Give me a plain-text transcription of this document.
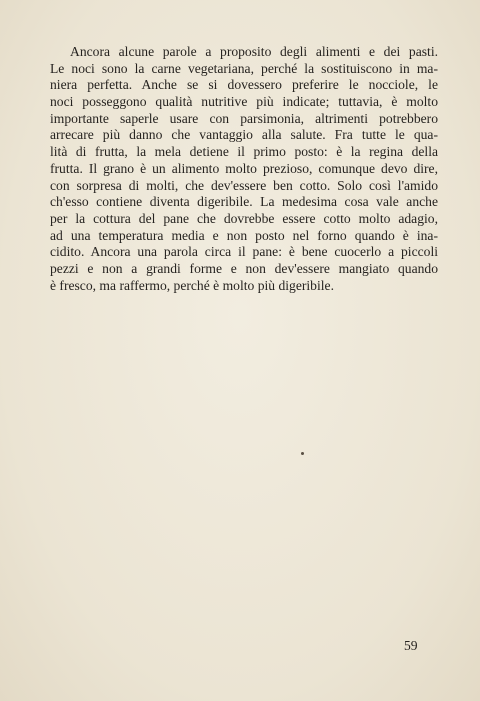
Ancora alcune parole a proposito degli alimenti e dei pasti.
Le noci sono la carne vegetariana, perché la sostituiscono in ma-
niera perfetta. Anche se si dovessero preferire le nocciole, le
noci posseggono qualità nutritive più indicate; tuttavia, è molto
importante saperle usare con parsimonia, altrimenti potrebbero
arrecare più danno che vantaggio alla salute. Fra tutte le qua-
lità di frutta, la mela detiene il primo posto: è la regina della
frutta. Il grano è un alimento molto prezioso, comunque devo dire,
con sorpresa di molti, che dev'essere ben cotto. Solo così l'amido
ch'esso contiene diventa digeribile. La medesima cosa vale anche
per la cottura del pane che dovrebbe essere cotto molto adagio,
ad una temperatura media e non posto nel forno quando è ina-
cidito. Ancora una parola circa il pane: è bene cuocerlo a piccoli
pezzi e non a grandi forme e non dev'essere mangiato quando
è fresco, ma raffermo, perché è molto più digeribile.
59
